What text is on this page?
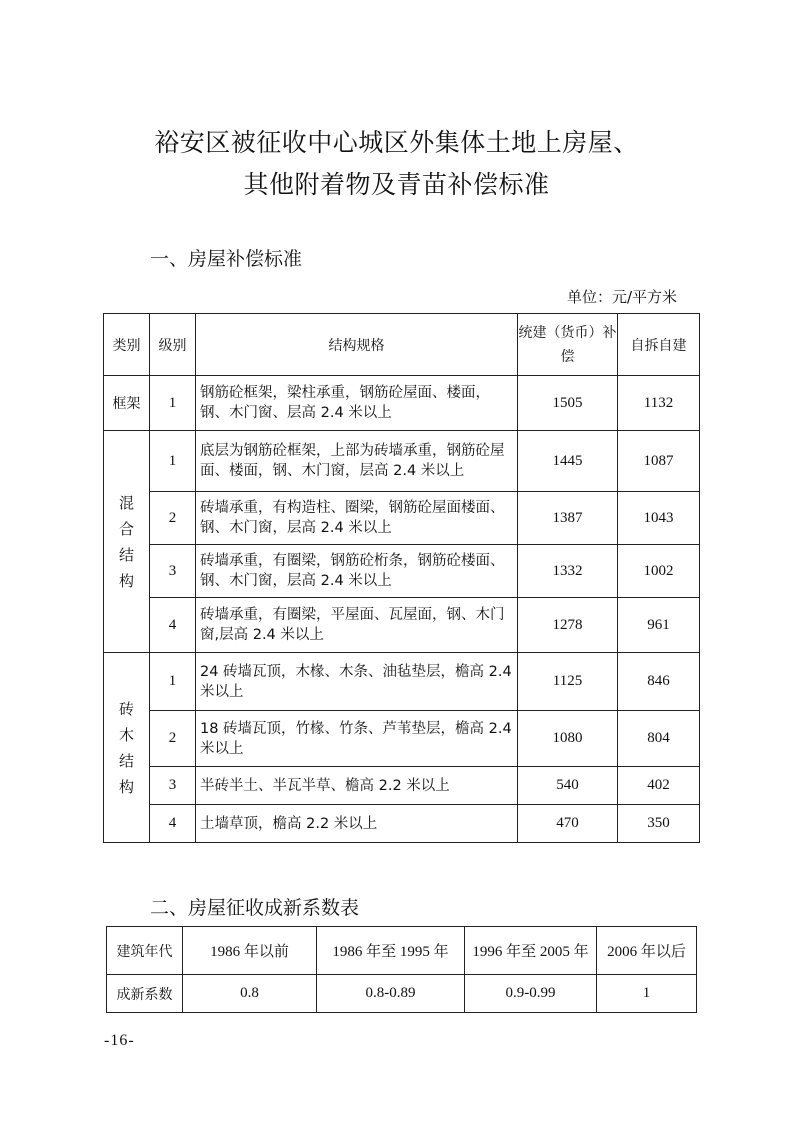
裕安区被征收中心城区外集体土地上房屋、
其他附着物及青苗补偿标准
一、房屋补偿标准
单位：元/平方米
类别	级别	结构规格	统建（货币）补偿	自拆自建
框架	1	钢筋砼框架，梁柱承重，钢筋砼屋面、楼面，钢、木门窗、层高 2.4 米以上	1505	1132
混合结构	1	底层为钢筋砼框架，上部为砖墙承重，钢筋砼屋面、楼面，钢、木门窗，层高 2.4 米以上	1445	1087
	2	砖墙承重，有构造柱、圈梁，钢筋砼屋面楼面、钢、木门窗，层高 2.4 米以上	1387	1043
	3	砖墙承重，有圈梁，钢筋砼桁条，钢筋砼楼面、钢、木门窗，层高 2.4 米以上	1332	1002
	4	砖墙承重，有圈梁，平屋面、瓦屋面，钢、木门窗,层高 2.4 米以上	1278	961
砖木结构	1	24 砖墙瓦顶，木椽、木条、油毡垫层，檐高 2.4 米以上	1125	846
	2	18 砖墙瓦顶，竹椽、竹条、芦苇垫层，檐高 2.4 米以上	1080	804
	3	半砖半土、半瓦半草、檐高 2.2 米以上	540	402
	4	土墙草顶，檐高 2.2 米以上	470	350
二、房屋征收成新系数表
建筑年代	1986 年以前	1986 年至 1995 年	1996 年至 2005 年	2006 年以后
成新系数	0.8	0.8-0.89	0.9-0.99	1
-16-
